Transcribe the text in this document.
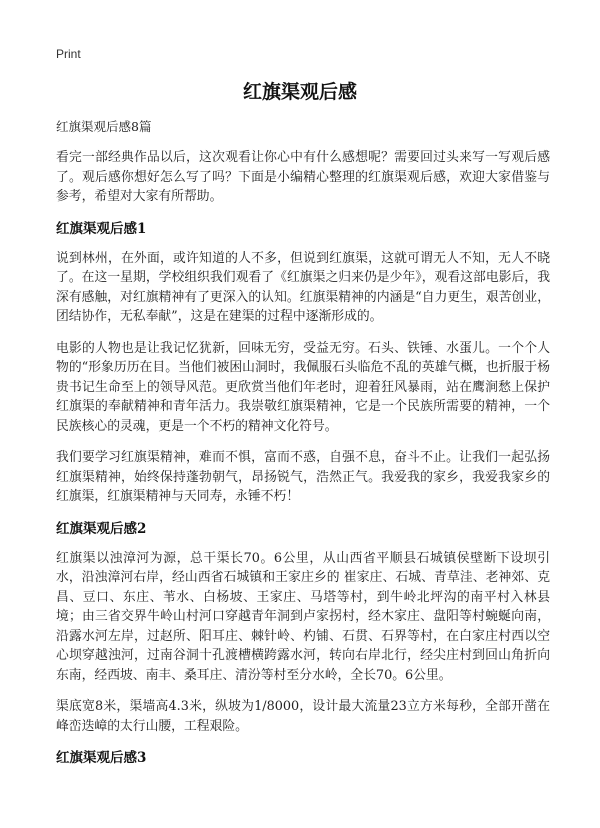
Print
红旗渠观后感
红旗渠观后感8篇

看完一部经典作品以后，这次观看让你心中有什么感想呢？需要回过头来写一写观后感了。观后感你想好怎么写了吗？下面是小编精心整理的红旗渠观后感，欢迎大家借鉴与参考，希望对大家有所帮助。

红旗渠观后感1

说到林州，在外面，或许知道的人不多，但说到红旗渠，这就可谓无人不知，无人不晓了。在这一星期，学校组织我们观看了《红旗渠之归来仍是少年》，观看这部电影后，我深有感触，对红旗精神有了更深入的认知。红旗渠精神的内涵是“自力更生，艰苦创业，团结协作，无私奉献”，这是在建渠的过程中逐渐形成的。

电影的人物也是让我记忆犹新，回味无穷，受益无穷。石头、铁锤、水蛋儿。一个个人物的“形象历历在目。当他们被困山洞时，我佩服石头临危不乱的英雄气概，也折服于杨贵书记生命至上的领导风范。更欣赏当他们年老时，迎着狂风暴雨，站在鹰涧愁上保护红旗渠的奉献精神和青年活力。我崇敬红旗渠精神，它是一个民族所需要的精神，一个民族核心的灵魂，更是一个不朽的精神文化符号。

我们要学习红旗渠精神，难而不惧，富而不惑，自强不息，奋斗不止。让我们一起弘扬红旗渠精神，始终保持蓬勃朝气，昂扬锐气，浩然正气。我爱我的家乡，我爱我家乡的红旗渠，红旗渠精神与天同寿，永锤不朽！

红旗渠观后感2

红旗渠以浊漳河为源，总干渠长70。6公里，从山西省平顺县石城镇侯壁断下设坝引水，沿浊漳河右岸，经山西省石城镇和王家庄乡的 崔家庄、石城、青草洼、老神郊、克昌、豆口、东庄、苇水、白杨坡、王家庄、马塔等村，到牛岭北坪沟的南平村入林县境；由三省交界牛岭山村河口穿越青年洞到卢家拐村，经木家庄、盘阳等村蜿蜒向南，沿露水河左岸，过赵所、阳耳庄、棘针岭、杓铺、石贯、石界等村，在白家庄村西以空心坝穿越浊河，过南谷洞十孔渡槽横跨露水河，转向右岸北行，经尖庄村到回山角折向东南，经西坡、南丰、桑耳庄、清汾等村至分水岭，全长70。6公里。

渠底宽8米，渠墙高4.3米，纵坡为1/8000，设计最大流量23立方米每秒，全部开凿在峰峦迭嶂的太行山腰，工程艰险。

红旗渠观后感3
